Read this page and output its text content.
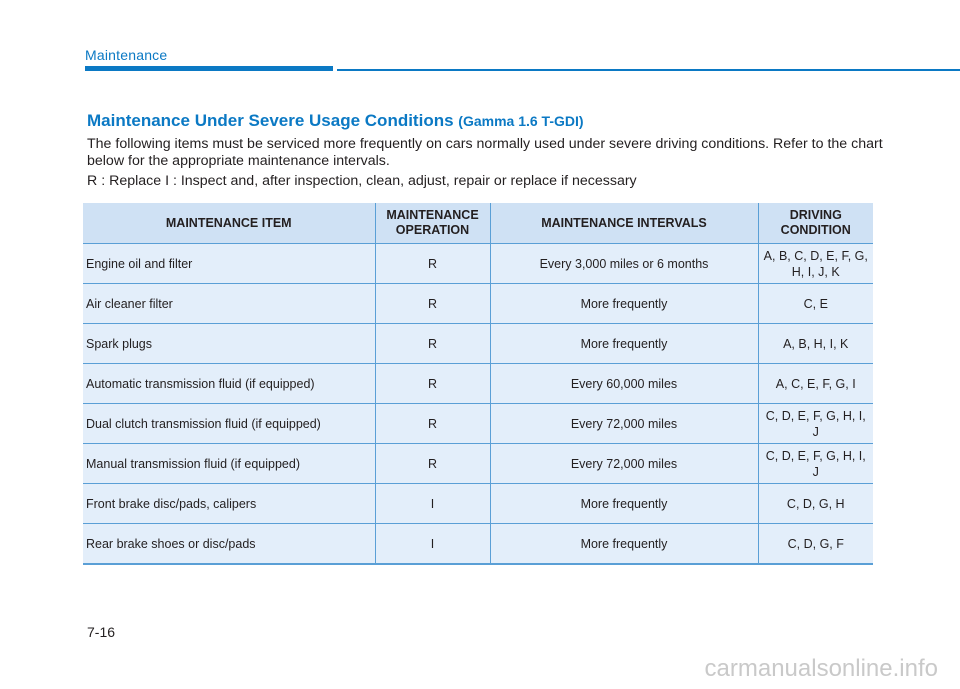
Maintenance
Maintenance Under Severe Usage Conditions (Gamma 1.6 T-GDI)
The following items must be serviced more frequently on cars normally used under severe driving conditions. Refer to the chart below for the appropriate maintenance intervals.
R : Replace I : Inspect and, after inspection, clean, adjust, repair or replace if necessary
MAINTENANCE ITEM	MAINTENANCE OPERATION	MAINTENANCE INTERVALS	DRIVING CONDITION
Engine oil and filter	R	Every 3,000 miles or 6 months	A, B, C, D, E, F, G, H, I, J, K
Air cleaner filter	R	More frequently	C, E
Spark plugs	R	More frequently	A, B, H, I, K
Automatic transmission fluid (if equipped)	R	Every 60,000 miles	A, C, E, F, G, I
Dual clutch transmission fluid (if equipped)	R	Every 72,000 miles	C, D, E, F, G, H, I, J
Manual transmission fluid (if equipped)	R	Every 72,000 miles	C, D, E, F, G, H, I, J
Front brake disc/pads, calipers	I	More frequently	C, D, G, H
Rear brake shoes or disc/pads	I	More frequently	C, D, G, F
7-16
carmanualsonline.info
